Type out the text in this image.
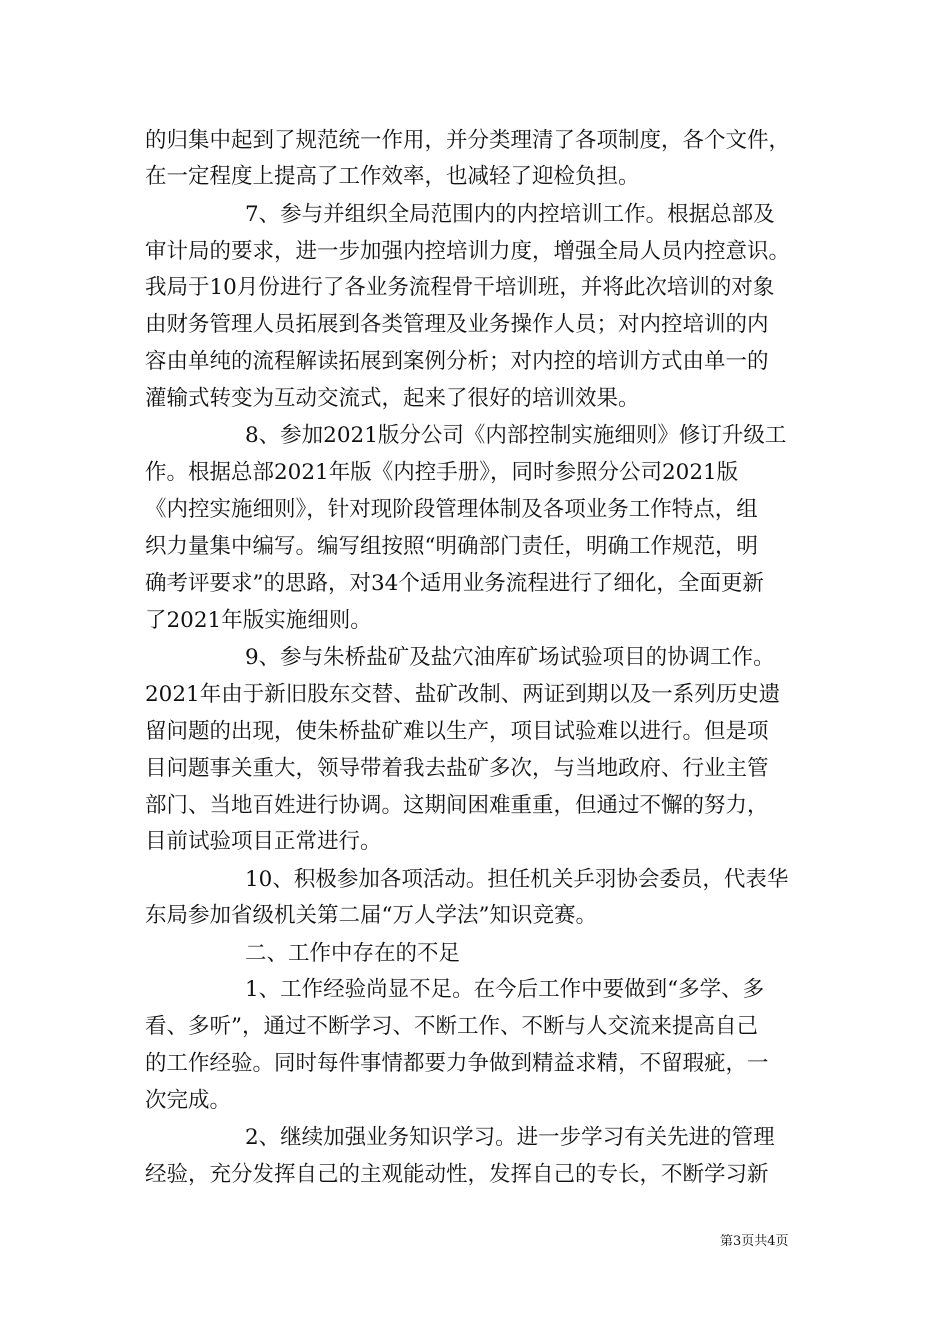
的归集中起到了规范统一作用，并分类理清了各项制度，各个文件，
在一定程度上提高了工作效率，也减轻了迎检负担。
7、参与并组织全局范围内的内控培训工作。根据总部及
审计局的要求，进一步加强内控培训力度，增强全局人员内控意识。
我局于10月份进行了各业务流程骨干培训班，并将此次培训的对象
由财务管理人员拓展到各类管理及业务操作人员；对内控培训的内
容由单纯的流程解读拓展到案例分析；对内控的培训方式由单一的
灌输式转变为互动交流式，起来了很好的培训效果。
8、参加2021版分公司《内部控制实施细则》修订升级工
作。根据总部2021年版《内控手册》，同时参照分公司2021版
《内控实施细则》，针对现阶段管理体制及各项业务工作特点，组
织力量集中编写。编写组按照“明确部门责任，明确工作规范，明
确考评要求”的思路，对34个适用业务流程进行了细化，全面更新
了2021年版实施细则。
9、参与朱桥盐矿及盐穴油库矿场试验项目的协调工作。
2021年由于新旧股东交替、盐矿改制、两证到期以及一系列历史遗
留问题的出现，使朱桥盐矿难以生产，项目试验难以进行。但是项
目问题事关重大，领导带着我去盐矿多次，与当地政府、行业主管
部门、当地百姓进行协调。这期间困难重重，但通过不懈的努力，
目前试验项目正常进行。
10、积极参加各项活动。担任机关乒羽协会委员，代表华
东局参加省级机关第二届“万人学法”知识竞赛。
二、工作中存在的不足
1、工作经验尚显不足。在今后工作中要做到“多学、多
看、多听”，通过不断学习、不断工作、不断与人交流来提高自己
的工作经验。同时每件事情都要力争做到精益求精，不留瑕疵，一
次完成。
2、继续加强业务知识学习。进一步学习有关先进的管理
经验，充分发挥自己的主观能动性，发挥自己的专长，不断学习新
第3页共4页
